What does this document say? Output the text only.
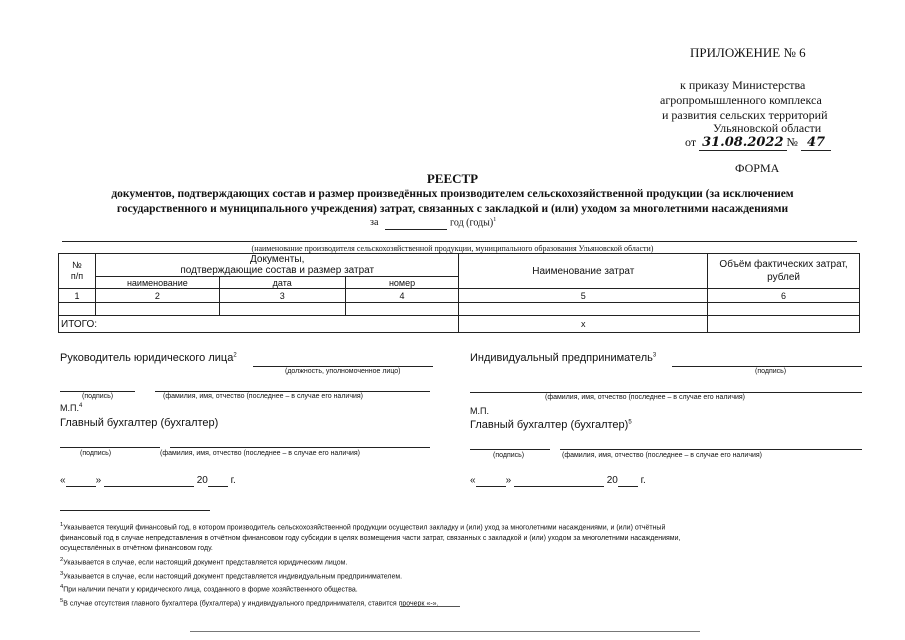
ПРИЛОЖЕНИЕ № 6
к приказу Министерства
агропромышленного комплекса
и развития сельских территорий
Ульяновской области
от 31.08.2022 № 47
ФОРМА
РЕЕСТР
документов, подтверждающих состав и размер произведённых производителем сельскохозяйственной продукции (за исключением
государственного и муниципального учреждения) затрат, связанных с закладкой и (или) уходом за многолетними насаждениями
за	год (годы)$^1$
(наименование производителя сельскохозяйственной продукции, муниципального образования Ульяновской области)
№
п/п	Документы,
подтверждающие состав и размер затрат			Наименование затрат	Объём фактических затрат,
рублей
	наименование	дата	номер		
1	2	3	4	5	6

ИТОГО:				x	
Руководитель юридического лица$^2$
(должность, уполномоченное лицо)
(подпись)	(фамилия, имя, отчество (последнее – в случае его наличия)
М.П.$^4$
Главный бухгалтер (бухгалтер)
(подпись)	(фамилия, имя, отчество (последнее – в случае его наличия)
«	»	20 г.
Индивидуальный предприниматель$^3$
(подпись)
(фамилия, имя, отчество (последнее – в случае его наличия)
М.П.
Главный бухгалтер (бухгалтер)$^5$
(подпись)	(фамилия, имя, отчество (последнее – в случае его наличия)
«	»	20 г.
$^1$Указывается текущий финансовый год, в котором производитель сельскохозяйственной продукции осуществил закладку и (или) уход за многолетними насаждениями, и (или) отчётный
финансовый год в случае непредставления в отчётном финансовом году субсидии в целях возмещения части затрат, связанных с закладкой и (или) уходом за многолетними насаждениями,
осуществлённых в отчётном финансовом году.
$^2$Указывается в случае, если настоящий документ представляется юридическим лицом.
$^3$Указывается в случае, если настоящий документ представляется индивидуальным предпринимателем.
$^4$При наличии печати у юридического лица, созданного в форме хозяйственного общества.
$^5$В случае отсутствия главного бухгалтера (бухгалтера) у индивидуального предпринимателя, ставится прочерк «-».
